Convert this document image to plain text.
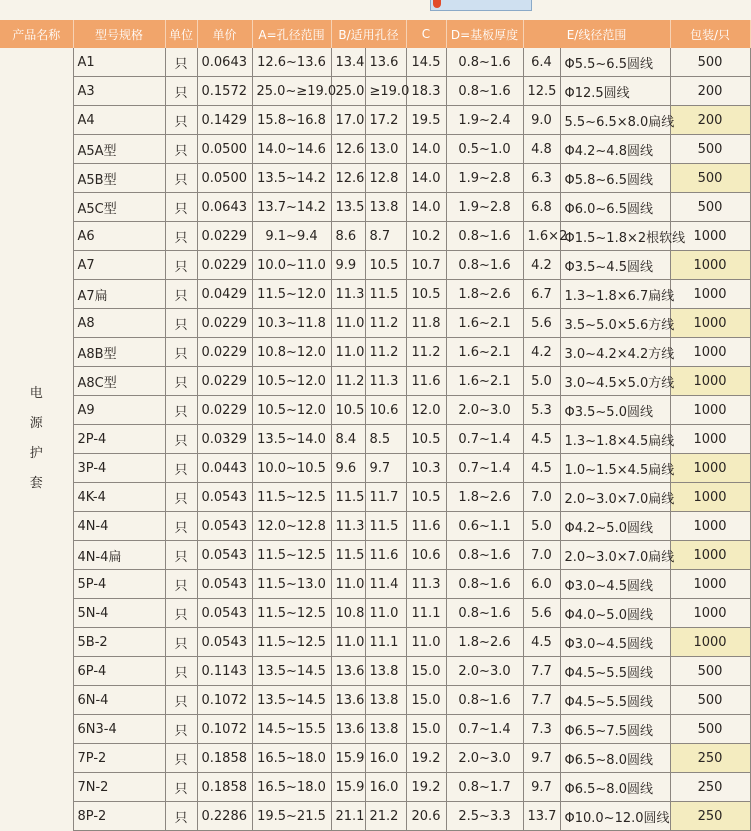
产品名称	型号规格	单位	单价	A=孔径范围	B/适用孔径		C	D=基板厚度	E/线径范围		包装/只

电
源
护
套	A1	只	0.0643	12.6~13.6	13.4	13.6	14.5	0.8~1.6	6.4	Φ5.5~6.5圆线	500
	A3	只	0.1572	25.0~≥19.0	25.0	≥19.0	18.3	0.8~1.6	12.5	Φ12.5圆线	200
	A4	只	0.1429	15.8~16.8	17.0	17.2	19.5	1.9~2.4	9.0	5.5~6.5×8.0扁线	200
	A5A型	只	0.0500	14.0~14.6	12.6	13.0	14.0	0.5~1.0	4.8	Φ4.2~4.8圆线	500
	A5B型	只	0.0500	13.5~14.2	12.6	12.8	14.0	1.9~2.8	6.3	Φ5.8~6.5圆线	500
	A5C型	只	0.0643	13.7~14.2	13.5	13.8	14.0	1.9~2.8	6.8	Φ6.0~6.5圆线	500
	A6	只	0.0229	9.1~9.4	8.6	8.7	10.2	0.8~1.6	1.6×2	Φ1.5~1.8×2根软线	1000
	A7	只	0.0229	10.0~11.0	9.9	10.5	10.7	0.8~1.6	4.2	Φ3.5~4.5圆线	1000
	A7扁	只	0.0429	11.5~12.0	11.3	11.5	10.5	1.8~2.6	6.7	1.3~1.8×6.7扁线	1000
	A8	只	0.0229	10.3~11.8	11.0	11.2	11.8	1.6~2.1	5.6	3.5~5.0×5.6方线	1000
	A8B型	只	0.0229	10.8~12.0	11.0	11.2	11.2	1.6~2.1	4.2	3.0~4.2×4.2方线	1000
	A8C型	只	0.0229	10.5~12.0	11.2	11.3	11.6	1.6~2.1	5.0	3.0~4.5×5.0方线	1000
	A9	只	0.0229	10.5~12.0	10.5	10.6	12.0	2.0~3.0	5.3	Φ3.5~5.0圆线	1000
	2P-4	只	0.0329	13.5~14.0	8.4	8.5	10.5	0.7~1.4	4.5	1.3~1.8×4.5扁线	1000
	3P-4	只	0.0443	10.0~10.5	9.6	9.7	10.3	0.7~1.4	4.5	1.0~1.5×4.5扁线	1000
	4K-4	只	0.0543	11.5~12.5	11.5	11.7	10.5	1.8~2.6	7.0	2.0~3.0×7.0扁线	1000
	4N-4	只	0.0543	12.0~12.8	11.3	11.5	11.6	0.6~1.1	5.0	Φ4.2~5.0圆线	1000
	4N-4扁	只	0.0543	11.5~12.5	11.5	11.6	10.6	0.8~1.6	7.0	2.0~3.0×7.0扁线	1000
	5P-4	只	0.0543	11.5~13.0	11.0	11.4	11.3	0.8~1.6	6.0	Φ3.0~4.5圆线	1000
	5N-4	只	0.0543	11.5~12.5	10.8	11.0	11.1	0.8~1.6	5.6	Φ4.0~5.0圆线	1000
	5B-2	只	0.0543	11.5~12.5	11.0	11.1	11.0	1.8~2.6	4.5	Φ3.0~4.5圆线	1000
	6P-4	只	0.1143	13.5~14.5	13.6	13.8	15.0	2.0~3.0	7.7	Φ4.5~5.5圆线	500
	6N-4	只	0.1072	13.5~14.5	13.6	13.8	15.0	0.8~1.6	7.7	Φ4.5~5.5圆线	500
	6N3-4	只	0.1072	14.5~15.5	13.6	13.8	15.0	0.7~1.4	7.3	Φ6.5~7.5圆线	500
	7P-2	只	0.1858	16.5~18.0	15.9	16.0	19.2	2.0~3.0	9.7	Φ6.5~8.0圆线	250
	7N-2	只	0.1858	16.5~18.0	15.9	16.0	19.2	0.8~1.7	9.7	Φ6.5~8.0圆线	250
	8P-2	只	0.2286	19.5~21.5	21.1	21.2	20.6	2.5~3.3	13.7	Φ10.0~12.0圆线	250
